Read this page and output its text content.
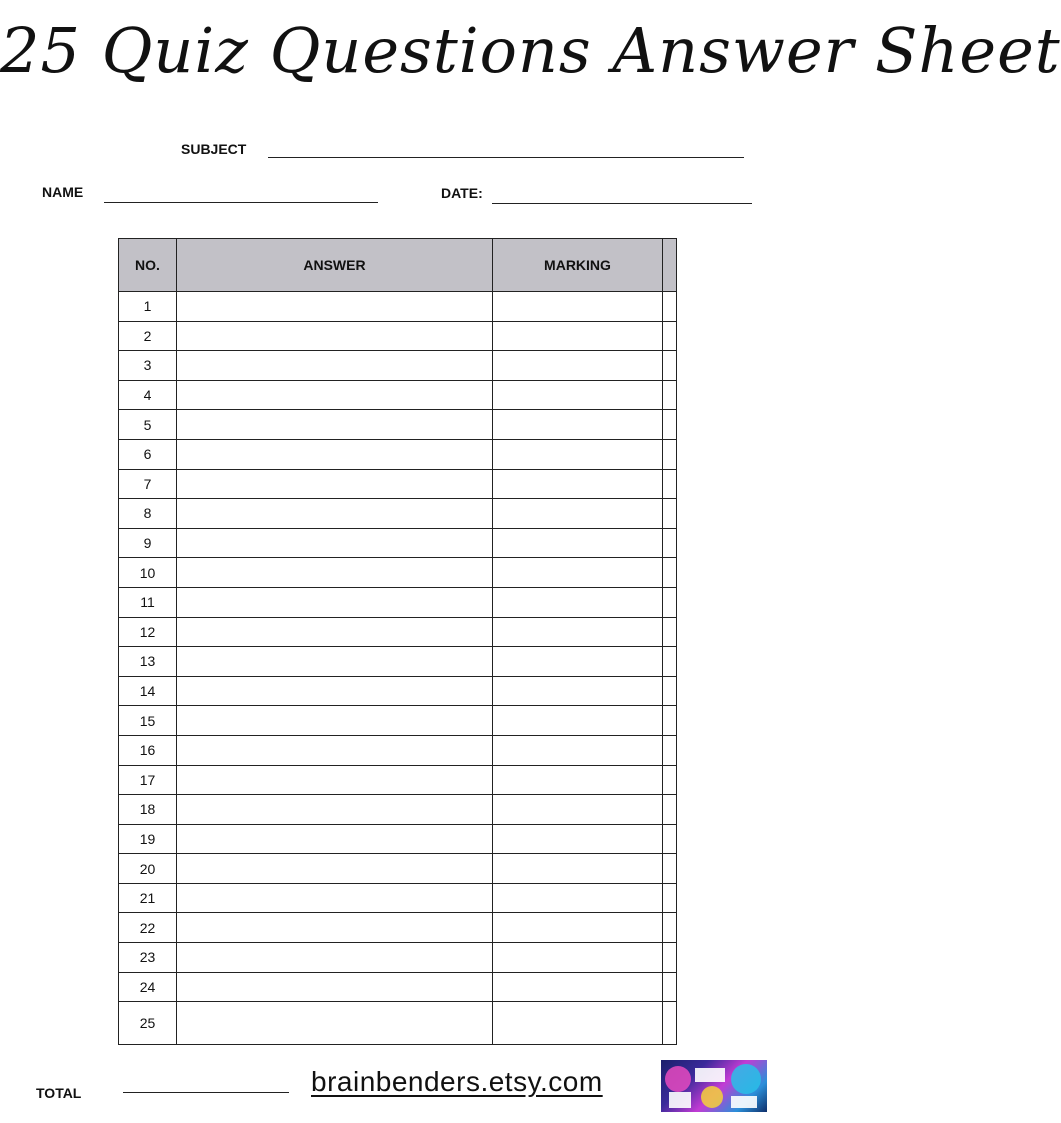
25 Quiz Questions Answer Sheet
SUBJECT
NAME	DATE:
NO.	ANSWER	MARKING	
1			
2			
3			
4			
5			
6			
7			
8			
9			
10			
11			
12			
13			
14			
15			
16			
17			
18			
19			
20			
21			
22			
23			
24			
25			
TOTAL	brainbenders.etsy.com
